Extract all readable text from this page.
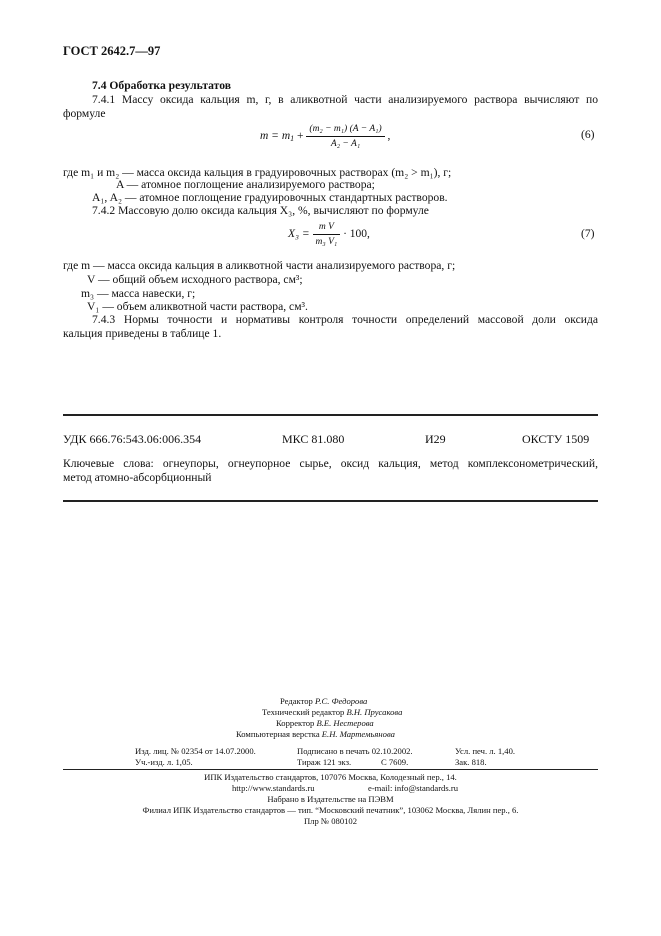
ГОСТ 2642.7—97
7.4 Обработка результатов
7.4.1 Массу оксида кальция m, г, в аликвотной части анализируемого раствора вычисляют по
формуле
$m = m_1 + \frac{\text{(m₂ − m₁) (A − A₁)}}{\text{A₂ − A₁}}$ ,	(6)
где m₁ и m₂ — масса оксида кальция в градуировочных растворах (m₂ > m₁), г;
A — атомное поглощение анализируемого раствора;
A₁, A₂ — атомное поглощение градуировочных стандартных растворов.
7.4.2 Массовую долю оксида кальция X₃, %, вычисляют по формуле
$X_3 = \frac{\text{m V}}{\text{m₃ V₁}} \cdot 100$,	(7)
где m — масса оксида кальция в аликвотной части анализируемого раствора, г;
V — общий объем исходного раствора, см³;
m₃ — масса навески, г;
V₁ — объем аликвотной части раствора, см³.
7.4.3 Нормы точности и нормативы контроля точности определений массовой доли оксида
кальция приведены в таблице 1.
УДК 666.76:543.06:006.354	МКС 81.080	И29	ОКСТУ 1509
Ключевые слова: огнеупоры, огнеупорное сырье, оксид кальция, метод комплексонометрический,
метод атомно-абсорбционный
Редактор Р.С. Федорова
Технический редактор В.Н. Прусакова
Корректор В.Е. Нестерова
Компьютерная верстка Е.Н. Мартемьянова
Изд. лиц. № 02354 от 14.07.2000.	Подписано в печать 02.10.2002.	Усл. печ. л. 1,40.
Уч.-изд. л. 1,05.	Тираж 121 экз.	С 7609.	Зак. 818.
ИПК Издательство стандартов, 107076 Москва, Колодезный пер., 14.
http://www.standards.ru	e-mail: info@standards.ru
Набрано в Издательстве на ПЭВМ
Филиал ИПК Издательство стандартов — тип. “Московский печатник”, 103062 Москва, Лялин пер., 6.
Плр № 080102
